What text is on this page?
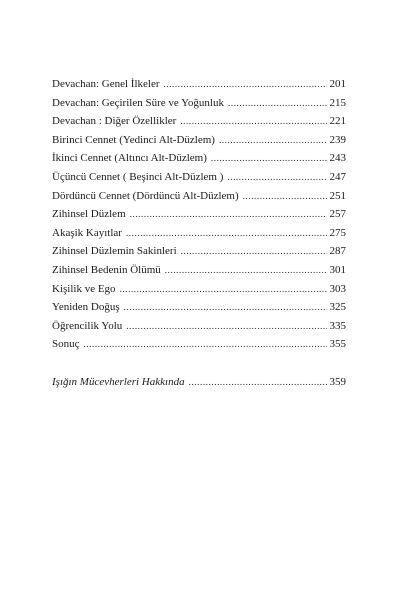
Devachan: Genel İlkeler .....	201
Devachan: Geçirilen Süre ve Yoğunluk .....	215
Devachan : Diğer Özellikler .....	221
Birinci Cennet (Yedinci Alt-Düzlem) .....	239
İkinci Cennet (Altıncı Alt-Düzlem) .....	243
Üçüncü Cennet ( Beşinci Alt-Düzlem ) .....	247
Dördüncü Cennet (Dördüncü Alt-Düzlem) .....	251
Zihinsel Düzlem .....	257
Akaşik Kayıtlar .....	275
Zihinsel Düzlemin Sakinleri .....	287
Zihinsel Bedenin Ölümü .....	301
Kişilik ve Ego .....	303
Yeniden Doğuş .....	325
Öğrencilik Yolu .....	335
Sonuç .....	355
Işığın Mücevherleri Hakkında .....	359
